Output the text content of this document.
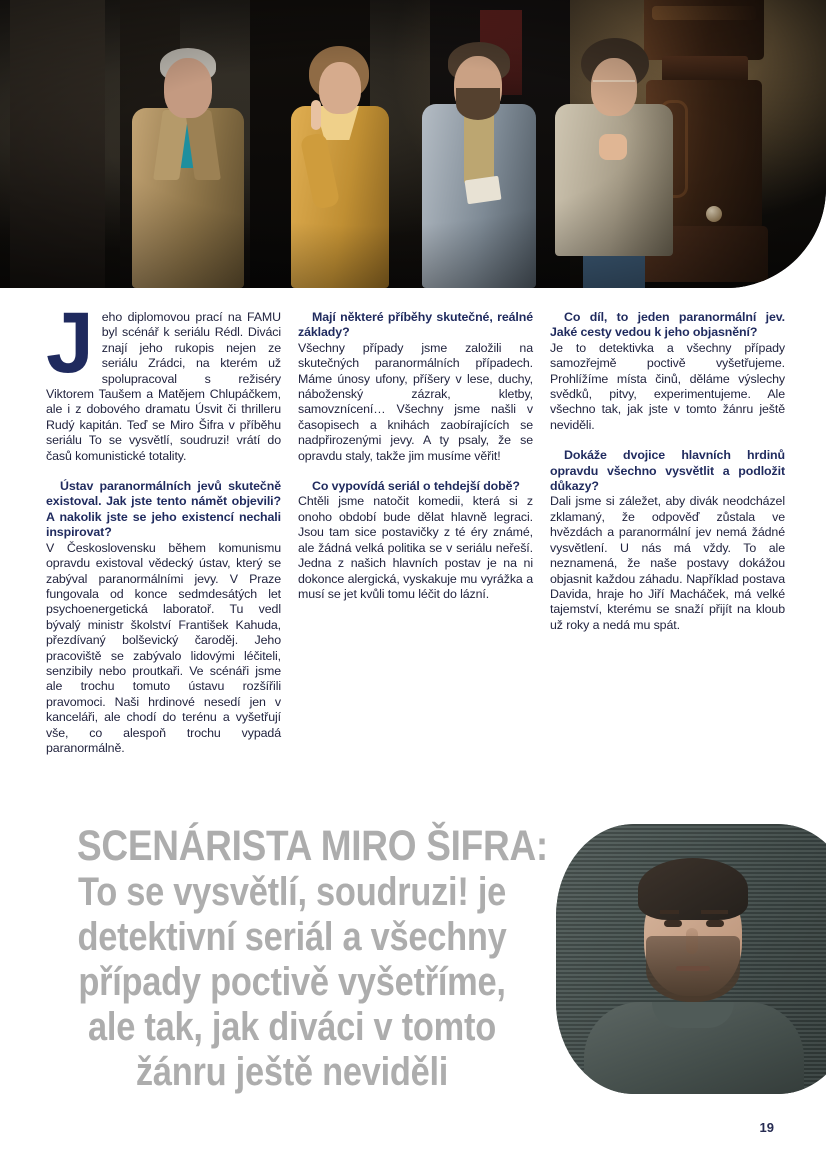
Jeho diplomovou prací na FAMU byl scénář k seriálu Rédl. Diváci znají jeho rukopis nejen ze seriálu Zrádci, na kterém už spolupracoval s režiséry Viktorem Taušem a Matějem Chlupáčkem, ale i z dobového dramatu Úsvit či thrilleru Rudý kapitán. Teď se Miro Šifra v příběhu seriálu To se vysvětlí, soudruzi! vrátí do časů komunistické totality.

Ústav paranormálních jevů skutečně existoval. Jak jste tento námět objevili? A nakolik jste se jeho existencí nechali inspirovat?

V Československu během komunismu opravdu existoval vědecký ústav, který se zabýval paranormálními jevy. V Praze fungovala od konce sedmdesátých let psychoenergetická laboratoř. Tu vedl bývalý ministr školství František Kahuda, přezdívaný bolševický čaroděj. Jeho pracoviště se zabývalo lidovými léčiteli, senzibily nebo proutkaři. Ve scénáři jsme ale trochu tomuto ústavu rozšířili pravomoci. Naši hrdinové nesedí jen v kanceláři, ale chodí do terénu a vyšetřují vše, co alespoň trochu vypadá paranormálně.

Mají některé příběhy skutečné, reálné základy?

Všechny případy jsme založili na skutečných paranormálních případech. Máme únosy ufony, příšery v lese, duchy, náboženský zázrak, kletby, samovznícení… Všechny jsme našli v časopisech a knihách zaobírajících se nadpřirozenými jevy. A ty psaly, že se opravdu staly, takže jim musíme věřit!

Co vypovídá seriál o tehdejší době?

Chtěli jsme natočit komedii, která si z onoho období bude dělat hlavně legraci. Jsou tam sice postavičky z té éry známé, ale žádná velká politika se v seriálu neřeší. Jedna z našich hlavních postav je na ni dokonce alergická, vyskakuje mu vyrážka a musí se jet kvůli tomu léčit do lázní.

Co díl, to jeden paranormální jev. Jaké cesty vedou k jeho objasnění?

Je to detektivka a všechny případy samozřejmě poctivě vyšetřujeme. Prohlížíme místa činů, děláme výslechy svědků, pitvy, experimentujeme. Ale všechno tak, jak jste v tomto žánru ještě neviděli.

Dokáže dvojice hlavních hrdinů opravdu všechno vysvětlit a podložit důkazy?

Dali jsme si záležet, aby divák neodcházel zklamaný, že odpověď zůstala ve hvězdách a paranormální jev nemá žádné vysvětlení. U nás má vždy. To ale neznamená, že naše postavy dokážou objasnit každou záhadu. Například postava Davida, hraje ho Jiří Macháček, má velké tajemství, kterému se snaží přijít na kloub už roky a nedá mu spát.

SCENÁRISTA MIRO ŠIFRA:
To se vysvětlí, soudruzi! je
detektivní seriál a všechny
případy poctivě vyšetříme,
ale tak, jak diváci v tomto
žánru ještě neviděli
19
